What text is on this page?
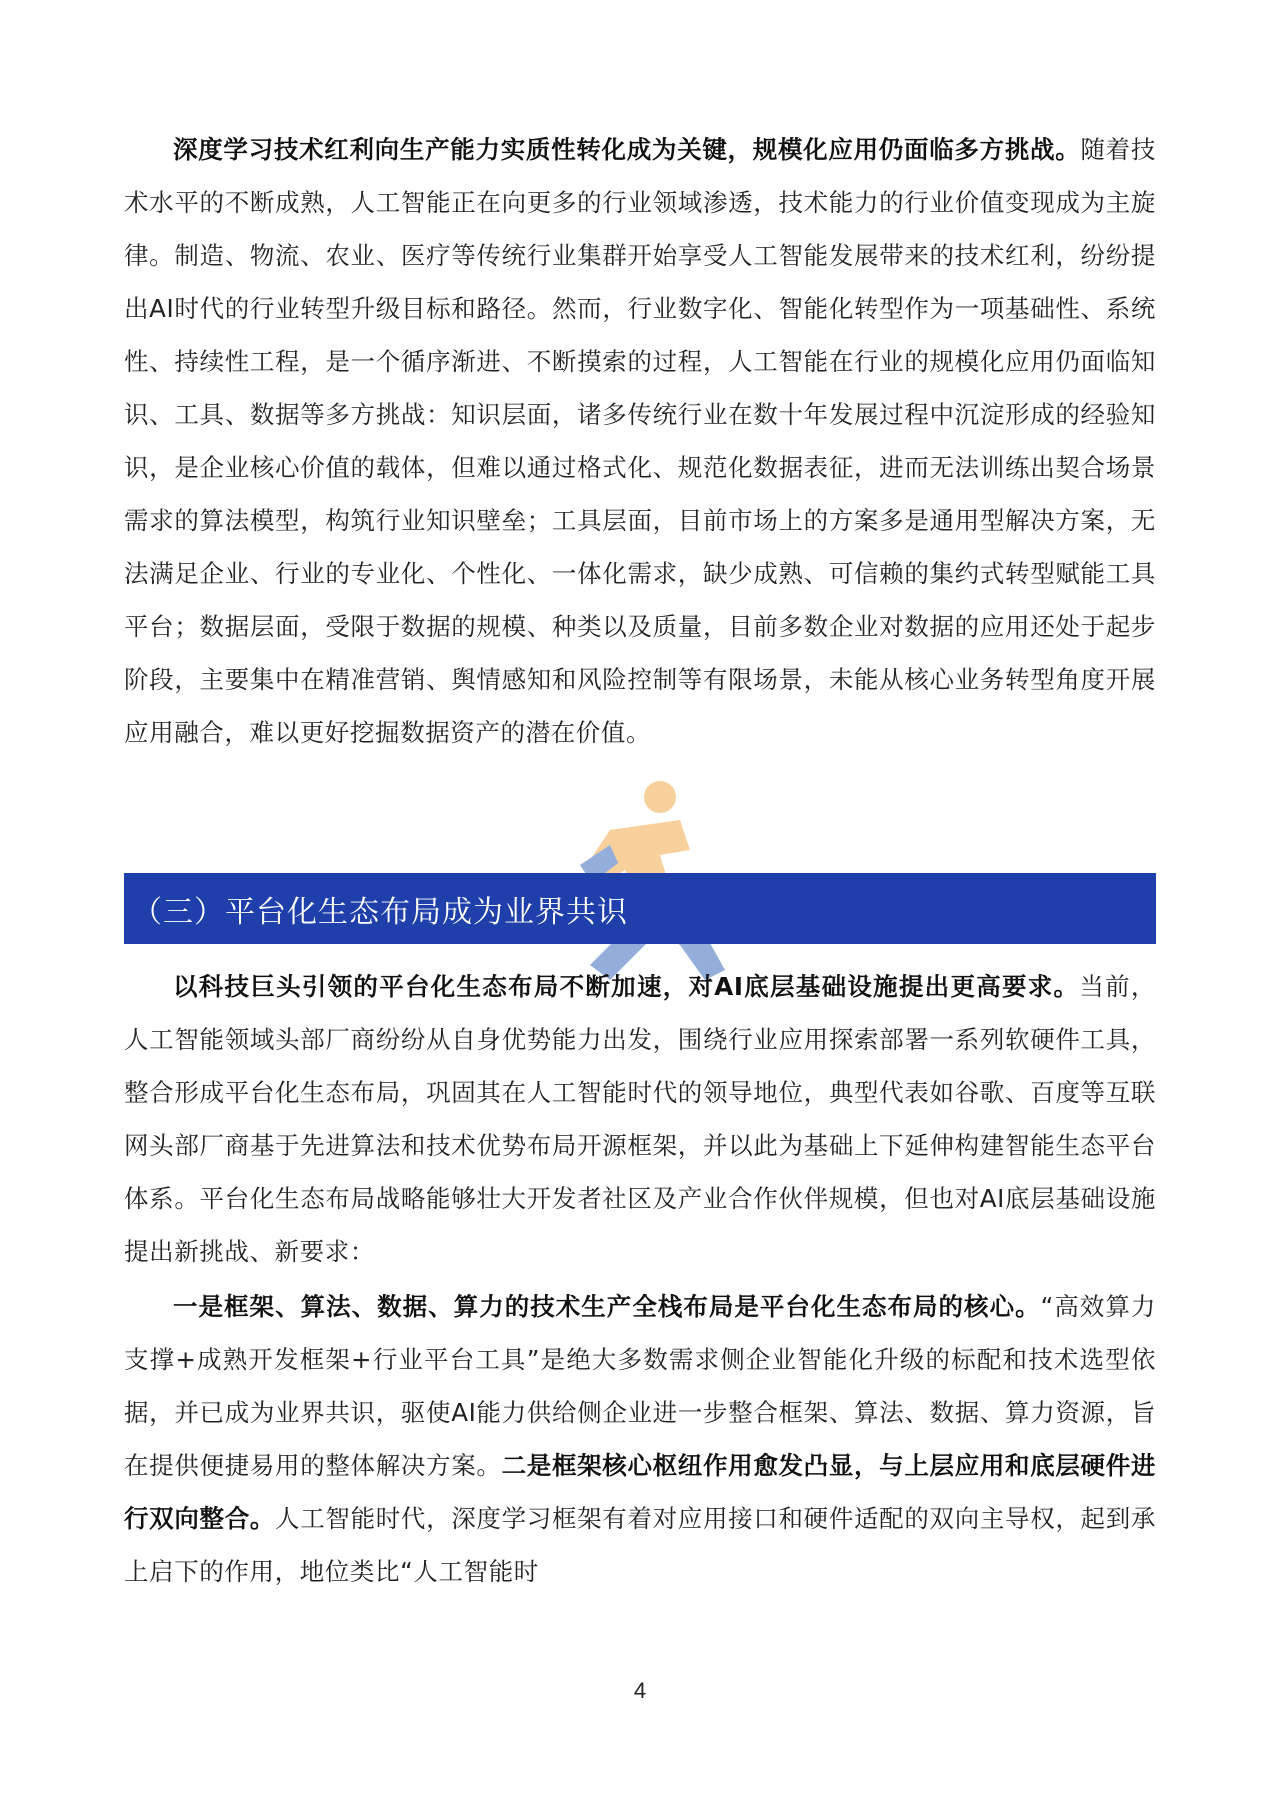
深度学习技术红利向生产能力实质性转化成为关键，规模化应用仍面临多方挑战。随着技术水平的不断成熟，人工智能正在向更多的行业领域渗透，技术能力的行业价值变现成为主旋律。制造、物流、农业、医疗等传统行业集群开始享受人工智能发展带来的技术红利，纷纷提出AI时代的行业转型升级目标和路径。然而，行业数字化、智能化转型作为一项基础性、系统性、持续性工程，是一个循序渐进、不断摸索的过程，人工智能在行业的规模化应用仍面临知识、工具、数据等多方挑战：知识层面，诸多传统行业在数十年发展过程中沉淀形成的经验知识，是企业核心价值的载体，但难以通过格式化、规范化数据表征，进而无法训练出契合场景需求的算法模型，构筑行业知识壁垒；工具层面，目前市场上的方案多是通用型解决方案，无法满足企业、行业的专业化、个性化、一体化需求，缺少成熟、可信赖的集约式转型赋能工具平台；数据层面，受限于数据的规模、种类以及质量，目前多数企业对数据的应用还处于起步阶段，主要集中在精准营销、舆情感知和风险控制等有限场景，未能从核心业务转型角度开展应用融合，难以更好挖掘数据资产的潜在价值。

（三）平台化生态布局成为业界共识

以科技巨头引领的平台化生态布局不断加速，对AI底层基础设施提出更高要求。当前，人工智能领域头部厂商纷纷从自身优势能力出发，围绕行业应用探索部署一系列软硬件工具，整合形成平台化生态布局，巩固其在人工智能时代的领导地位，典型代表如谷歌、百度等互联网头部厂商基于先进算法和技术优势布局开源框架，并以此为基础上下延伸构建智能生态平台体系。平台化生态布局战略能够壮大开发者社区及产业合作伙伴规模，但也对AI底层基础设施提出新挑战、新要求：

一是框架、算法、数据、算力的技术生产全栈布局是平台化生态布局的核心。“高效算力支撑+成熟开发框架+行业平台工具”是绝大多数需求侧企业智能化升级的标配和技术选型依据，并已成为业界共识，驱使AI能力供给侧企业进一步整合框架、算法、数据、算力资源，旨在提供便捷易用的整体解决方案。二是框架核心枢纽作用愈发凸显，与上层应用和底层硬件进行双向整合。人工智能时代，深度学习框架有着对应用接口和硬件适配的双向主导权，起到承上启下的作用，地位类比“人工智能时

4
